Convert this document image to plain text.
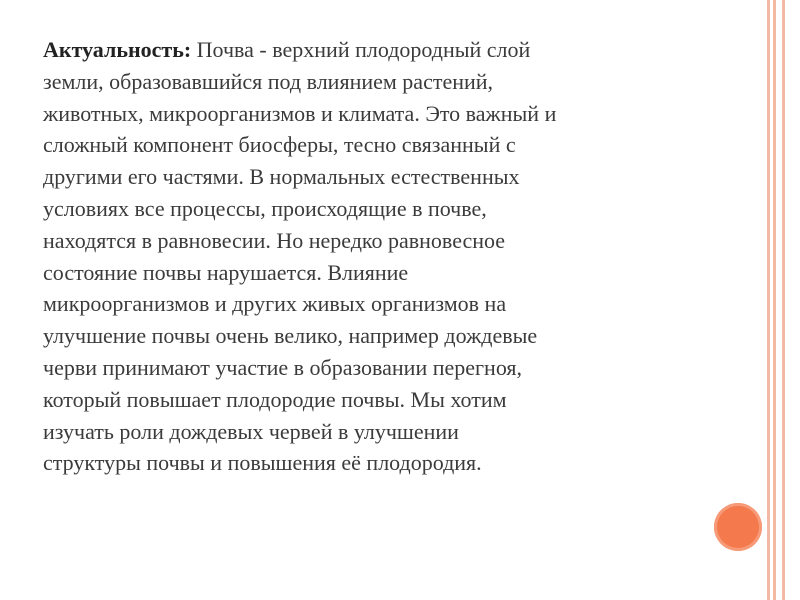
Актуальность: Почва - верхний плодородный слой
земли, образовавшийся под влиянием растений,
животных, микроорганизмов и климата. Это важный и
сложный компонент биосферы, тесно связанный с
другими его частями. В нормальных естественных
условиях все процессы, происходящие в почве,
находятся в равновесии. Но нередко равновесное
состояние почвы нарушается. Влияние
микроорганизмов и других живых организмов на
улучшение почвы очень велико, например дождевые
черви принимают участие в образовании перегноя,
который повышает плодородие почвы. Мы хотим
изучать роли дождевых червей в улучшении
структуры почвы и повышения её плодородия.
